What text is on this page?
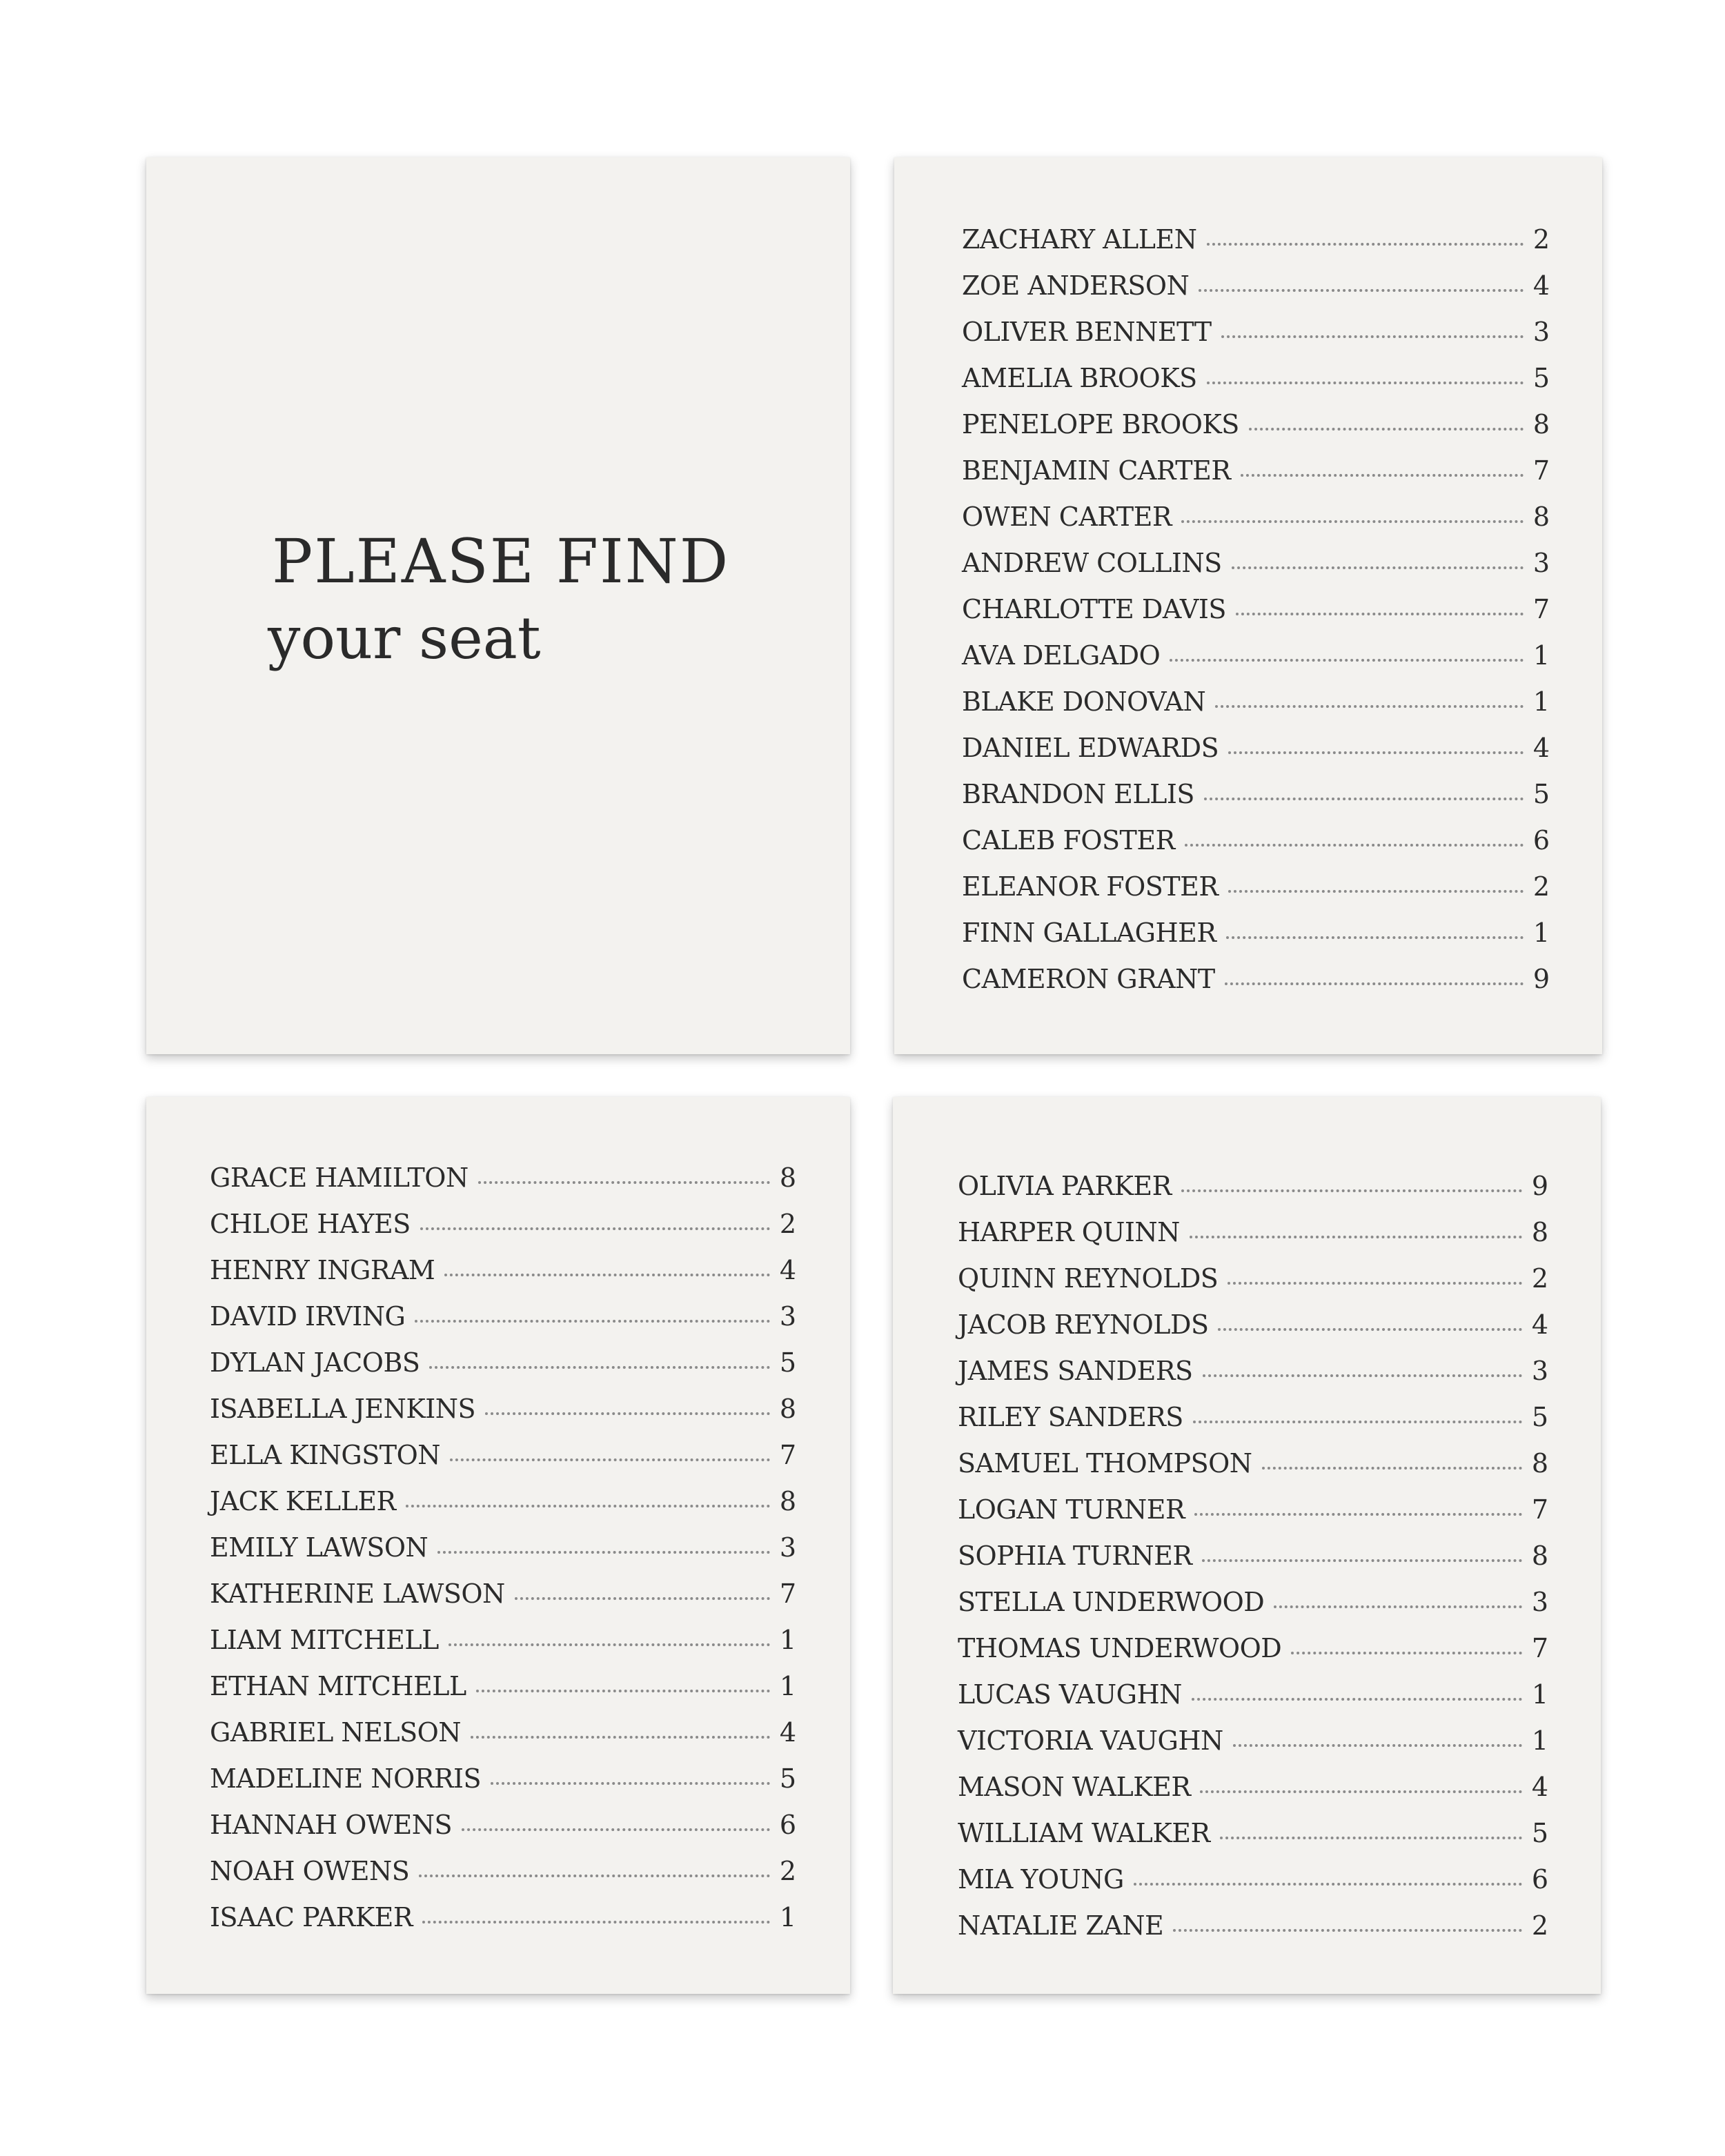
PLEASE FIND
your seat
ZACHARY ALLEN	2
ZOE ANDERSON	4
OLIVER BENNETT	3
AMELIA BROOKS	5
PENELOPE BROOKS	8
BENJAMIN CARTER	7
OWEN CARTER	8
ANDREW COLLINS	3
CHARLOTTE DAVIS	7
AVA DELGADO	1
BLAKE DONOVAN	1
DANIEL EDWARDS	4
BRANDON ELLIS	5
CALEB FOSTER	6
ELEANOR FOSTER	2
FINN GALLAGHER	1
CAMERON GRANT	9
GRACE HAMILTON	8
CHLOE HAYES	2
HENRY INGRAM	4
DAVID IRVING	3
DYLAN JACOBS	5
ISABELLA JENKINS	8
ELLA KINGSTON	7
JACK KELLER	8
EMILY LAWSON	3
KATHERINE LAWSON	7
LIAM MITCHELL	1
ETHAN MITCHELL	1
GABRIEL NELSON	4
MADELINE NORRIS	5
HANNAH OWENS	6
NOAH OWENS	2
ISAAC PARKER	1
OLIVIA PARKER	9
HARPER QUINN	8
QUINN REYNOLDS	2
JACOB REYNOLDS	4
JAMES SANDERS	3
RILEY SANDERS	5
SAMUEL THOMPSON	8
LOGAN TURNER	7
SOPHIA TURNER	8
STELLA UNDERWOOD	3
THOMAS UNDERWOOD	7
LUCAS VAUGHN	1
VICTORIA VAUGHN	1
MASON WALKER	4
WILLIAM WALKER	5
MIA YOUNG	6
NATALIE ZANE	2
